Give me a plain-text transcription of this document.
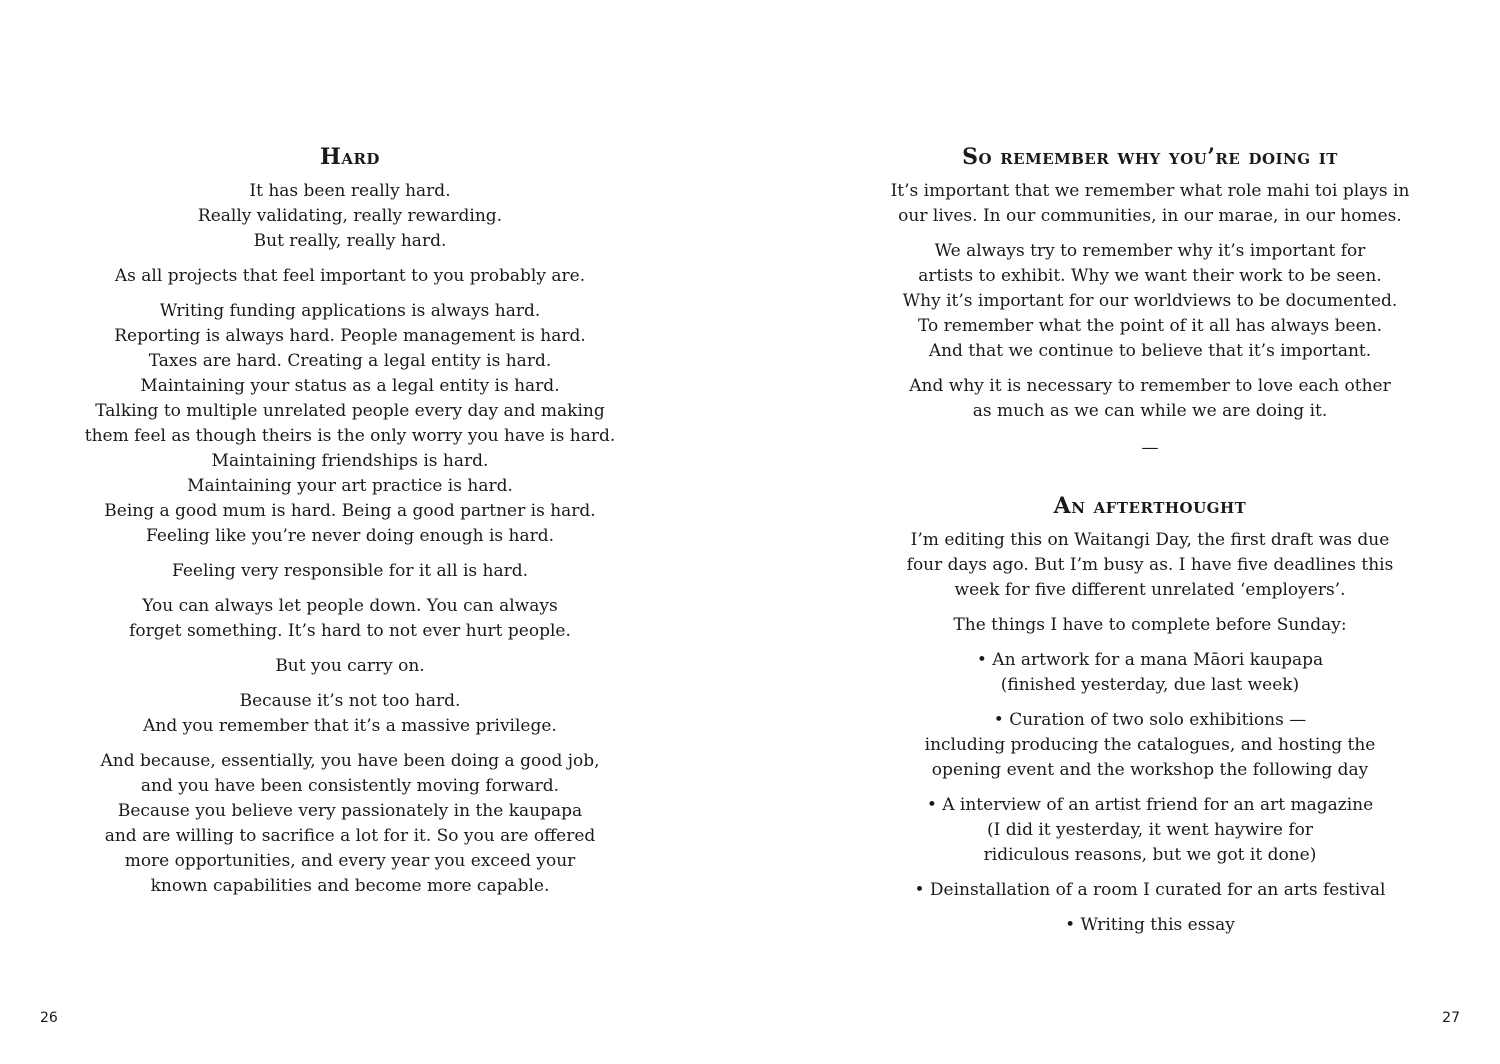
Hard

It has been really hard.
Really validating, really rewarding.
But really, really hard.

As all projects that feel important to you probably are.

Writing funding applications is always hard.
Reporting is always hard. People management is hard.
Taxes are hard. Creating a legal entity is hard.
Maintaining your status as a legal entity is hard.
Talking to multiple unrelated people every day and making
them feel as though theirs is the only worry you have is hard.
Maintaining friendships is hard.
Maintaining your art practice is hard.
Being a good mum is hard. Being a good partner is hard.
Feeling like you’re never doing enough is hard.

Feeling very responsible for it all is hard.

You can always let people down. You can always
forget something. It’s hard to not ever hurt people.

But you carry on.

Because it’s not too hard.
And you remember that it’s a massive privilege.

And because, essentially, you have been doing a good job,
and you have been consistently moving forward.
Because you believe very passionately in the kaupapa
and are willing to sacrifice a lot for it. So you are offered
more opportunities, and every year you exceed your
known capabilities and become more capable.

26
So remember why you’re doing it

It’s important that we remember what role mahi toi plays in
our lives. In our communities, in our marae, in our homes.

We always try to remember why it’s important for
artists to exhibit. Why we want their work to be seen.
Why it’s important for our worldviews to be documented.
To remember what the point of it all has always been.
And that we continue to believe that it’s important.

And why it is necessary to remember to love each other
as much as we can while we are doing it.

—
An afterthought

I’m editing this on Waitangi Day, the first draft was due
four days ago. But I’m busy as. I have five deadlines this
week for five different unrelated ‘employers’.

The things I have to complete before Sunday:

• An artwork for a mana Māori kaupapa
(finished yesterday, due last week)

• Curation of two solo exhibitions —
including producing the catalogues, and hosting the
opening event and the workshop the following day

• A interview of an artist friend for an art magazine
(I did it yesterday, it went haywire for
ridiculous reasons, but we got it done)

• Deinstallation of a room I curated for an arts festival

• Writing this essay

27
